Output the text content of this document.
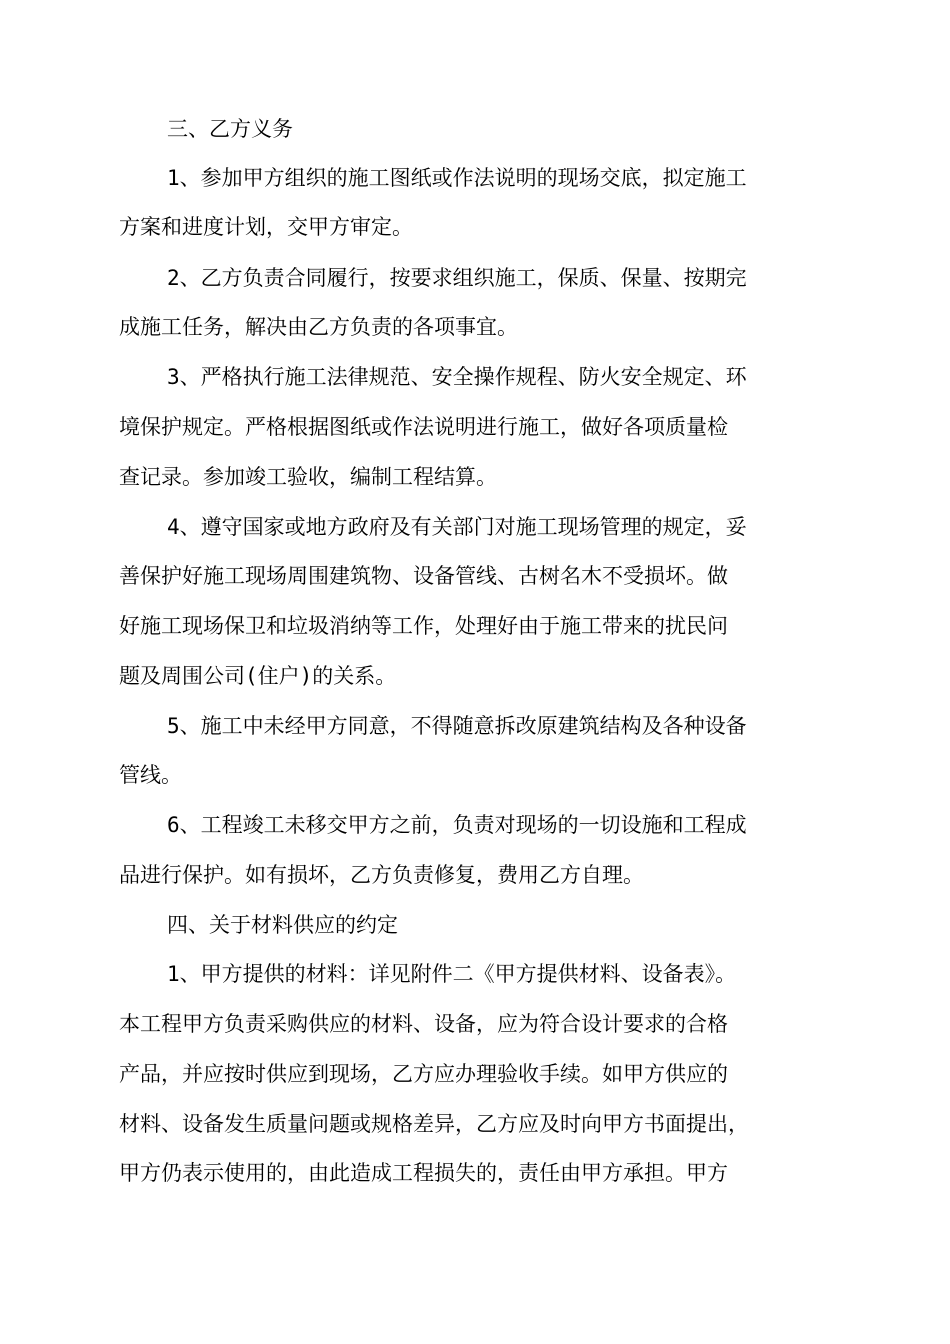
三、乙方义务
1、参加甲方组织的施工图纸或作法说明的现场交底，拟定施工
方案和进度计划，交甲方审定。
2、乙方负责合同履行，按要求组织施工，保质、保量、按期完
成施工任务，解决由乙方负责的各项事宜。
3、严格执行施工法律规范、安全操作规程、防火安全规定、环
境保护规定。严格根据图纸或作法说明进行施工，做好各项质量检
查记录。参加竣工验收，编制工程结算。
4、遵守国家或地方政府及有关部门对施工现场管理的规定，妥
善保护好施工现场周围建筑物、设备管线、古树名木不受损坏。做
好施工现场保卫和垃圾消纳等工作，处理好由于施工带来的扰民问
题及周围公司(住户)的关系。
5、施工中未经甲方同意，不得随意拆改原建筑结构及各种设备
管线。
6、工程竣工未移交甲方之前，负责对现场的一切设施和工程成
品进行保护。如有损坏，乙方负责修复，费用乙方自理。
四、关于材料供应的约定
1、甲方提供的材料：详见附件二《甲方提供材料、设备表》。
本工程甲方负责采购供应的材料、设备，应为符合设计要求的合格
产品，并应按时供应到现场，乙方应办理验收手续。如甲方供应的
材料、设备发生质量问题或规格差异，乙方应及时向甲方书面提出，
甲方仍表示使用的，由此造成工程损失的，责任由甲方承担。甲方
